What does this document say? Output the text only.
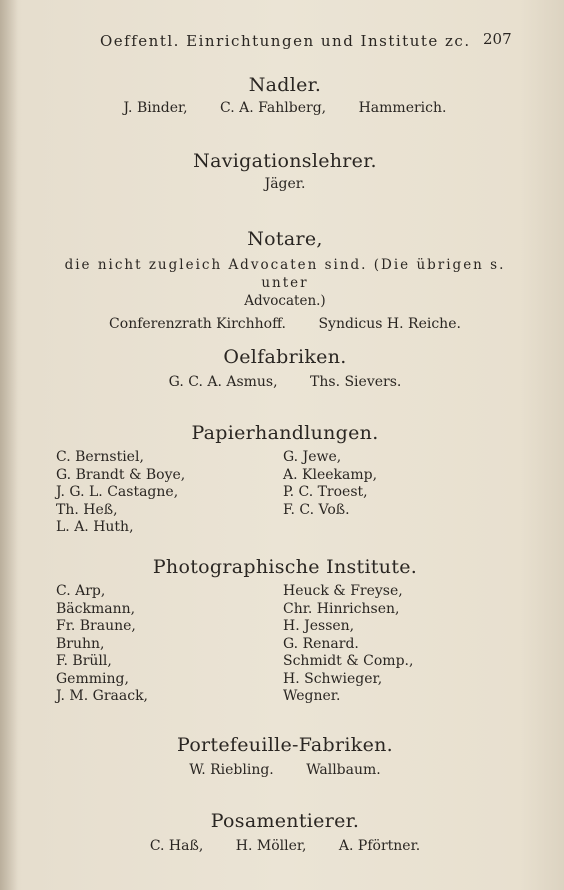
Oeffentl. Einrichtungen und Institute zc. 207
Nadler.

J. Binder, C. A. Fahlberg, Hammerich.

Navigationslehrer.

Jäger.

Notare,

die nicht zugleich Advocaten sind. (Die übrigen s. unter

Advocaten.)

Conferenzrath Kirchhoff. Syndicus H. Reiche.

Oelfabriken.

G. C. A. Asmus, Ths. Sievers.

Papierhandlungen.
C. Bernstiel,
G. Brandt & Boye,
J. G. L. Castagne,
Th. Heß,
L. A. Huth,
G. Jewe,
A. Kleekamp,
P. C. Troest,
F. C. Voß.
Photographische Institute.
C. Arp,
Bäckmann,
Fr. Braune,
Bruhn,
F. Brüll,
Gemming,
J. M. Graack,
Heuck & Freyse,
Chr. Hinrichsen,
H. Jessen,
G. Renard.
Schmidt & Comp.,
H. Schwieger,
Wegner.
Portefeuille-Fabriken.

W. Riebling. Wallbaum.

Posamentierer.

C. Haß, H. Möller, A. Pförtner.
